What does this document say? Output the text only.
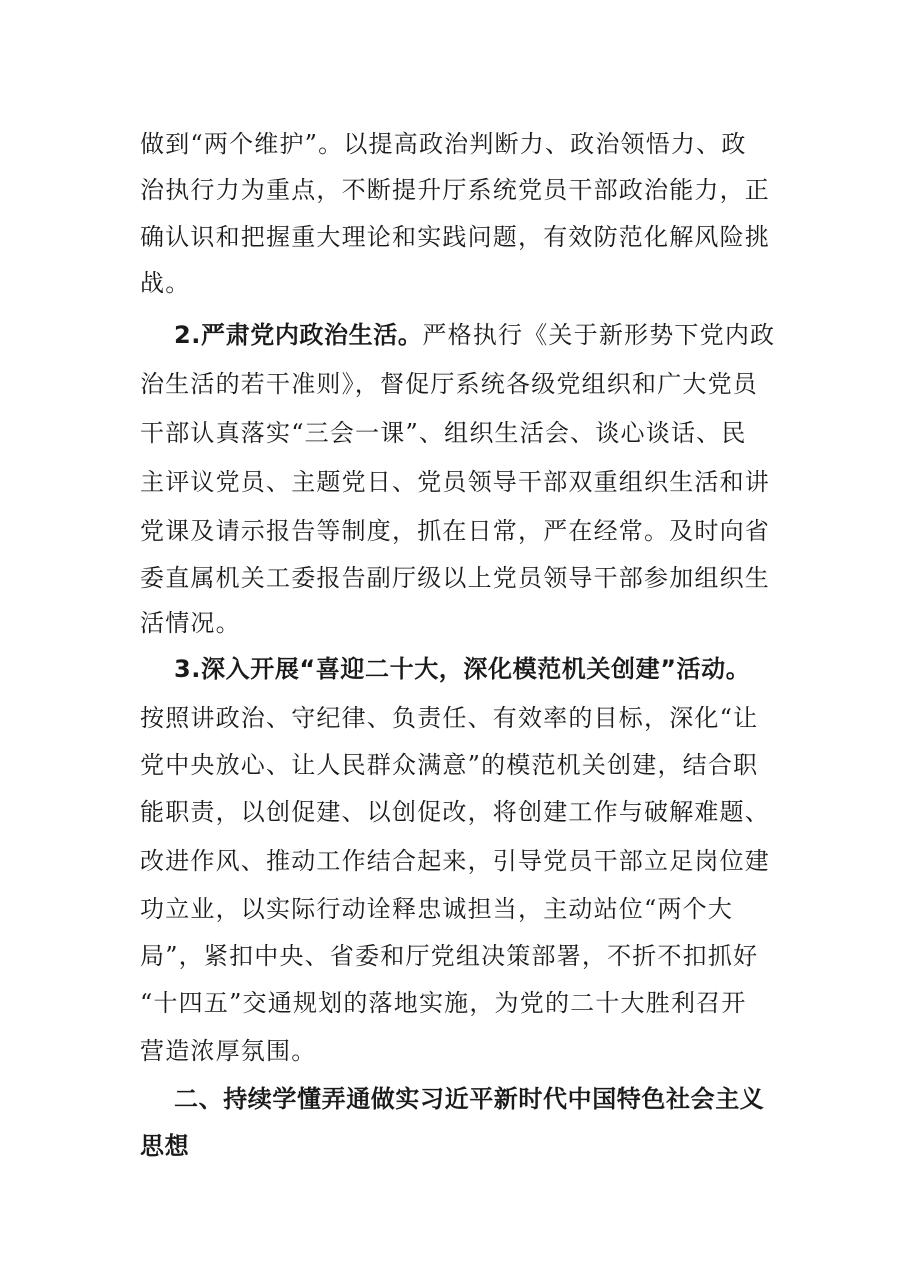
做到“两个维护”。以提高政治判断力、政治领悟力、政
治执行力为重点，不断提升厅系统党员干部政治能力，正
确认识和把握重大理论和实践问题，有效防范化解风险挑
战。
2.严肃党内政治生活。严格执行《关于新形势下党内政
治生活的若干准则》，督促厅系统各级党组织和广大党员
干部认真落实“三会一课”、组织生活会、谈心谈话、民
主评议党员、主题党日、党员领导干部双重组织生活和讲
党课及请示报告等制度，抓在日常，严在经常。及时向省
委直属机关工委报告副厅级以上党员领导干部参加组织生
活情况。
3.深入开展“喜迎二十大，深化模范机关创建”活动。
按照讲政治、守纪律、负责任、有效率的目标，深化“让
党中央放心、让人民群众满意”的模范机关创建，结合职
能职责，以创促建、以创促改，将创建工作与破解难题、
改进作风、推动工作结合起来，引导党员干部立足岗位建
功立业，以实际行动诠释忠诚担当，主动站位“两个大
局”，紧扣中央、省委和厅党组决策部署，不折不扣抓好
“十四五”交通规划的落地实施，为党的二十大胜利召开
营造浓厚氛围。
二、持续学懂弄通做实习近平新时代中国特色社会主义
思想
